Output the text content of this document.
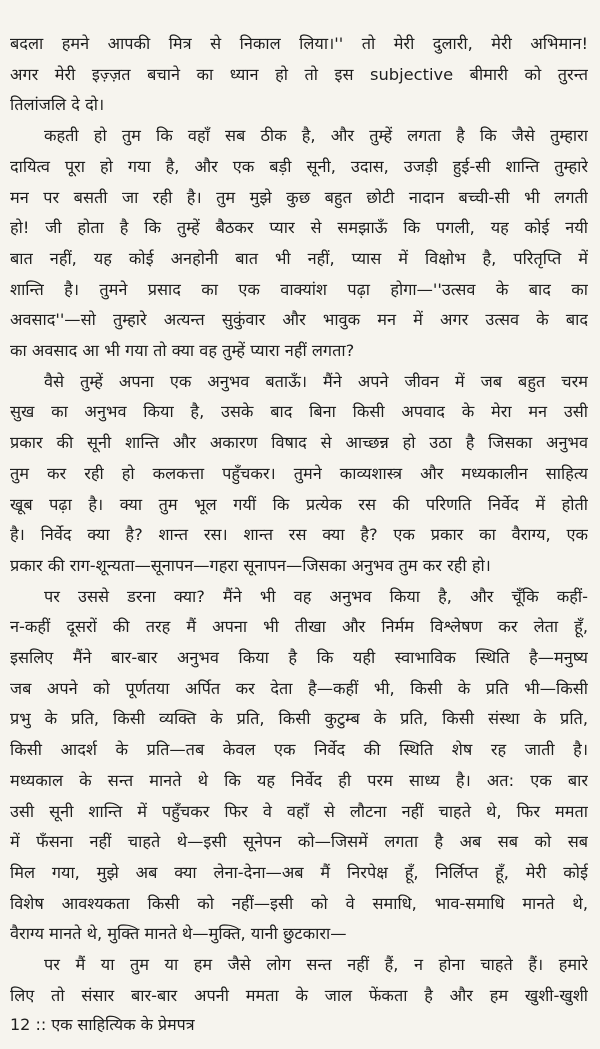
बदला हमने आपकी मित्र से निकाल लिया।'' तो मेरी दुलारी, मेरी अभिमान!
अगर मेरी इज़्ज़त बचाने का ध्यान हो तो इस subjective बीमारी को तुरन्त
तिलांजलि दे दो।
कहती हो तुम कि वहाँ सब ठीक है, और तुम्हें लगता है कि जैसे तुम्हारा
दायित्व पूरा हो गया है, और एक बड़ी सूनी, उदास, उजड़ी हुई-सी शान्ति तुम्हारे
मन पर बसती जा रही है। तुम मुझे कुछ बहुत छोटी नादान बच्ची-सी भी लगती
हो! जी होता है कि तुम्हें बैठकर प्यार से समझाऊँ कि पगली, यह कोई नयी
बात नहीं, यह कोई अनहोनी बात भी नहीं, प्यास में विक्षोभ है, परितृप्ति में
शान्ति है। तुमने प्रसाद का एक वाक्यांश पढ़ा होगा—''उत्सव के बाद का
अवसाद''—सो तुम्हारे अत्यन्त सुकुंवार और भावुक मन में अगर उत्सव के बाद
का अवसाद आ भी गया तो क्या वह तुम्हें प्यारा नहीं लगता?
वैसे तुम्हें अपना एक अनुभव बताऊँ। मैंने अपने जीवन में जब बहुत चरम
सुख का अनुभव किया है, उसके बाद बिना किसी अपवाद के मेरा मन उसी
प्रकार की सूनी शान्ति और अकारण विषाद से आच्छन्न हो उठा है जिसका अनुभव
तुम कर रही हो कलकत्ता पहुँचकर। तुमने काव्यशास्त्र और मध्यकालीन साहित्य
खूब पढ़ा है। क्या तुम भूल गयीं कि प्रत्येक रस की परिणति निर्वेद में होती
है। निर्वेद क्या है? शान्त रस। शान्त रस क्या है? एक प्रकार का वैराग्य, एक
प्रकार की राग-शून्यता—सूनापन—गहरा सूनापन—जिसका अनुभव तुम कर रही हो।
पर उससे डरना क्या? मैंने भी वह अनुभव किया है, और चूँकि कहीं-
न-कहीं दूसरों की तरह मैं अपना भी तीखा और निर्मम विश्लेषण कर लेता हूँ,
इसलिए मैंने बार-बार अनुभव किया है कि यही स्वाभाविक स्थिति है—मनुष्य
जब अपने को पूर्णतया अर्पित कर देता है—कहीं भी, किसी के प्रति भी—किसी
प्रभु के प्रति, किसी व्यक्ति के प्रति, किसी कुटुम्ब के प्रति, किसी संस्था के प्रति,
किसी आदर्श के प्रति—तब केवल एक निर्वेद की स्थिति शेष रह जाती है।
मध्यकाल के सन्त मानते थे कि यह निर्वेद ही परम साध्य है। अत: एक बार
उसी सूनी शान्ति में पहुँचकर फिर वे वहाँ से लौटना नहीं चाहते थे, फिर ममता
में फँसना नहीं चाहते थे—इसी सूनेपन को—जिसमें लगता है अब सब को सब
मिल गया, मुझे अब क्या लेना-देना—अब मैं निरपेक्ष हूँ, निर्लिप्त हूँ, मेरी कोई
विशेष आवश्यकता किसी को नहीं—इसी को वे समाधि, भाव-समाधि मानते थे,
वैराग्य मानते थे, मुक्ति मानते थे—मुक्ति, यानी छुटकारा—
पर मैं या तुम या हम जैसे लोग सन्त नहीं हैं, न होना चाहते हैं। हमारे
लिए तो संसार बार-बार अपनी ममता के जाल फेंकता है और हम खुशी-खुशी
12 :: एक साहित्यिक के प्रेमपत्र
